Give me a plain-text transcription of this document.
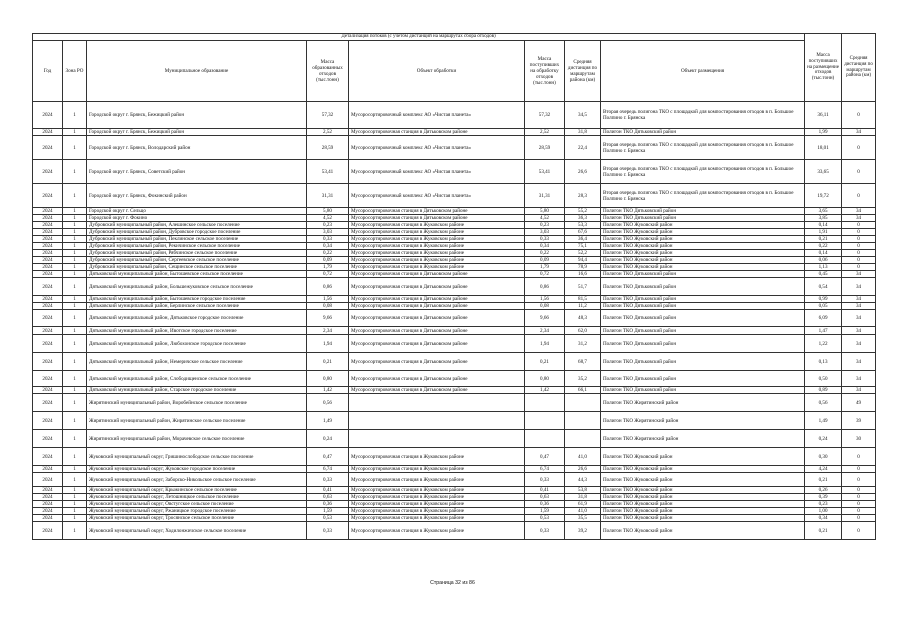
Детализация потоков (с учетом дистанций на маршрутах сбора отходов)								Масса поступивших на размещение отходов (тыс.тонн)	Средняя дистанция по маршрутам района (км)
Год	Зона РО	Муниципальное образование	Масса образованных отходов (тыс.тонн)	Объект обработки	Масса поступивших на обработку отходов (тыс.тонн)	Средняя дистанция по маршрутам района (км)	Объект размещения		
2024	1	Городской округ г. Брянск, Бежицкий район	57,32	Мусоросортировочный комплекс АО «Чистая планета»	57,32	34,5	Вторая очередь полигона ТКО с площадкой для компостирования отходов в п. Большое Полпино г. Брянска	36,11	0
2024	1	Городской округ г. Брянск, Бежицкий район	2,52	Мусоросортировочная станция в Дятьковском районе	2,52	31,8	Полигон ТКО Дятьковский район	1,99	34
2024	1	Городской округ г. Брянск, Володарский район	28,59	Мусоросортировочный комплекс АО «Чистая планета»	28,59	22,4	Вторая очередь полигона ТКО с площадкой для компостирования отходов в п. Большое Полпино г. Брянска	18,01	0
2024	1	Городской округ г. Брянск, Советский район	53,41	Мусоросортировочный комплекс АО «Чистая планета»	53,41	26,6	Вторая очередь полигона ТКО с площадкой для компостирования отходов в п. Большое Полпино г. Брянска	33,65	0
2024	1	Городской округ г. Брянск, Фокинский район	31,31	Мусоросортировочный комплекс АО «Чистая планета»	31,31	28,3	Вторая очередь полигона ТКО с площадкой для компостирования отходов в п. Большое Полпино г. Брянска	19,72	0
2024	1	Городской округ г. Сельцо	5,80	Мусоросортировочная станция в Дятьковском районе	5,80	55,2	Полигон ТКО Дятьковский район	3,65	34
2024	1	Городской округ г. Фокино	4,52	Мусоросортировочная станция в Дятьковском районе	4,52	36,3	Полигон ТКО Дятьковский район	3,85	34
2024	1	Дубровский муниципальный район, Алешинское сельское поселение	0,23	Мусоросортировочная станция в Жуковском районе	0,23	53,3	Полигон ТКО Жуковский район	0,14	0
2024	1	Дубровский муниципальный район, Дубровское городское поселение	3,03	Мусоросортировочная станция в Жуковском районе	3,03	67,6	Полигон ТКО Жуковский район	1,91	0
2024	1	Дубровский муниципальный район, Пеклинское сельское поселение	0,33	Мусоросортировочная станция в Жуковском районе	0,33	36,4	Полигон ТКО Жуковский район	0,21	0
2024	1	Дубровский муниципальный район, Рекичинское сельское поселение	0,34	Мусоросортировочная станция в Жуковском районе	0,34	75,1	Полигон ТКО Жуковский район	0,22	0
2024	1	Дубровский муниципальный район, Рябчинское сельское поселение	0,22	Мусоросортировочная станция в Жуковском районе	0,22	52,2	Полигон ТКО Жуковский район	0,14	0
2024	1	Дубровский муниципальный район, Сергеевское сельское поселение	0,09	Мусоросортировочная станция в Жуковском районе	0,09	94,4	Полигон ТКО Жуковский район	0,06	0
2024	1	Дубровский муниципальный район, Сещинское сельское поселение	1,79	Мусоросортировочная станция в Жуковском районе	1,79	78,9	Полигон ТКО Жуковский район	1,13	0
2024	1	Дятьковский муниципальный район, Бытошевское сельское поселение	0,72	Мусоросортировочная станция в Дятьковском районе	0,72	16,6	Полигон ТКО Дятьковский район	0,45	34
2024	1	Дятьковский муниципальный район, Большежуковское сельское поселение	0,86	Мусоросортировочная станция в Дятьковском районе	0,86	51,7	Полигон ТКО Дятьковский район	0,54	34
2024	1	Дятьковский муниципальный район, Бытошевское городское поселение	1,56	Мусоросортировочная станция в Дятьковском районе	1,56	81,5	Полигон ТКО Дятьковский район	0,99	34
2024	1	Дятьковский муниципальный район, Берлинское сельское поселение	0,08	Мусоросортировочная станция в Дятьковском районе	0,08	11,2	Полигон ТКО Дятьковский район	0,05	34
2024	1	Дятьковский муниципальный район, Дятьковское городское поселение	9,66	Мусоросортировочная станция в Дятьковском районе	9,66	48,3	Полигон ТКО Дятьковский район	6,09	34
2024	1	Дятьковский муниципальный район, Ивотское городское поселение	2,34	Мусоросортировочная станция в Дятьковском районе	2,34	62,0	Полигон ТКО Дятьковский район	1,47	34
2024	1	Дятьковский муниципальный район, Любохонское городское поселение	1,94	Мусоросортировочная станция в Дятьковском районе	1,94	31,2	Полигон ТКО Дятьковский район	1,22	34
2024	1	Дятьковский муниципальный район, Немеричское сельское поселение	0,21	Мусоросортировочная станция в Дятьковском районе	0,21	68,7	Полигон ТКО Дятьковский район	0,13	34
2024	1	Дятьковский муниципальный район, Слободищенское сельское поселение	0,80	Мусоросортировочная станция в Дятьковском районе	0,80	35,2	Полигон ТКО Дятьковский район	0,50	34
2024	1	Дятьковский муниципальный район, Старское городское поселение	1,42	Мусоросортировочная станция в Дятьковском районе	1,42	66,1	Полигон ТКО Дятьковский район	0,89	34
2024	1	Жирятинский муниципальный район, Воробейнское сельское поселение	0,56				Полигон ТКО Жирятинский район	0,56	49
2024	1	Жирятинский муниципальный район, Жирятинское сельское поселение	1,49				Полигон ТКО Жирятинский район	1,49	39
2024	1	Жирятинский муниципальный район, Морачевское сельское поселение	0,24				Полигон ТКО Жирятинский район	0,24	30
2024	1	Жуковский муниципальный округ, Гришинослободское сельское поселение	0,47	Мусоросортировочная станция в Жуковском районе	0,47	41,0	Полигон ТКО Жуковский район	0,30	0
2024	1	Жуковский муниципальный округ, Жуковское городское поселение	6,74	Мусоросортировочная станция в Жуковском районе	6,74	26,6	Полигон ТКО Жуковский район	4,24	0
2024	1	Жуковский муниципальный округ, Заборско-Никольское сельское поселение	0,33	Мусоросортировочная станция в Жуковском районе	0,33	44,3	Полигон ТКО Жуковский район	0,21	0
2024	1	Жуковский муниципальный округ, Крыжинское сельское поселение	0,41	Мусоросортировочная станция в Жуковском районе	0,41	53,8	Полигон ТКО Жуковский район	0,26	0
2024	1	Жуковский муниципальный округ, Летошницкое сельское поселение	0,63	Мусоросортировочная станция в Жуковском районе	0,63	31,8	Полигон ТКО Жуковский район	0,39	0
2024	1	Жуковский муниципальный округ, Овстугское сельское поселение	0,36	Мусоросортировочная станция в Жуковском районе	0,36	61,9	Полигон ТКО Жуковский район	0,23	0
2024	1	Жуковский муниципальный округ, Ржаницкое городское поселение	1,59	Мусоросортировочная станция в Жуковском районе	1,59	41,0	Полигон ТКО Жуковский район	1,00	0
2024	1	Жуковский муниципальный округ, Тросянское сельское поселение	0,53	Мусоросортировочная станция в Жуковском районе	0,53	35,5	Полигон ТКО Жуковский район	0,34	0
2024	1	Жуковский муниципальный округ, Ходилонжичское сельское поселение	0,33	Мусоросортировочная станция в Жуковском районе	0,33	39,2	Полигон ТКО Жуковский район	0,21	0
Страница 32 из 86
